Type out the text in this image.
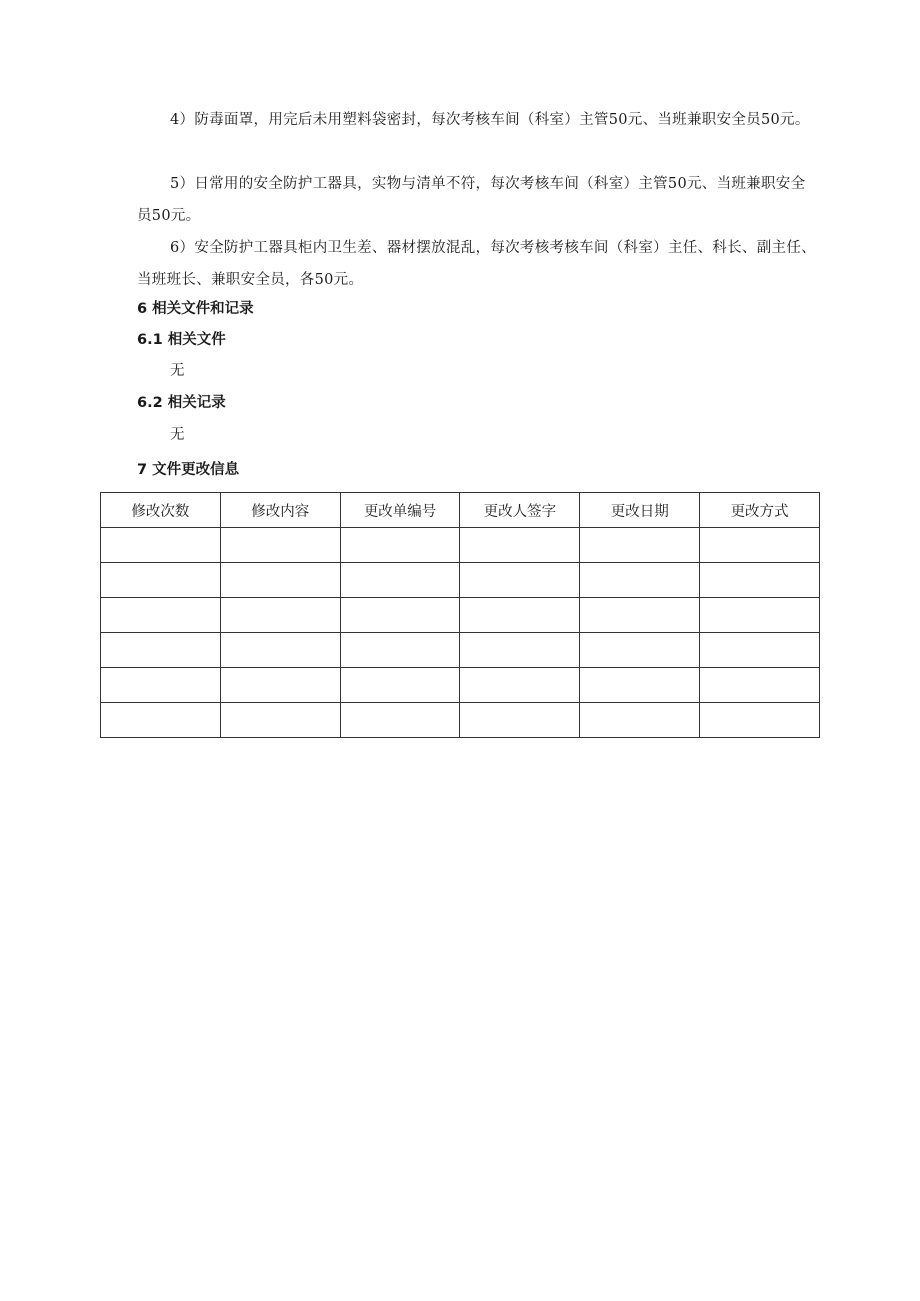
4）防毒面罩，用完后未用塑料袋密封，每次考核车间（科室）主管50元、当班兼职安全员50元。

5）日常用的安全防护工器具，实物与清单不符，每次考核车间（科室）主管50元、当班兼职安全员50元。

6）安全防护工器具柜内卫生差、器材摆放混乱，每次考核考核车间（科室）主任、科长、副主任、当班班长、兼职安全员，各50元。

6 相关文件和记录
6.1 相关文件

无

6.2 相关记录

无

7 文件更改信息
修改次数	修改内容	更改单编号	更改人签字	更改日期	更改方式
